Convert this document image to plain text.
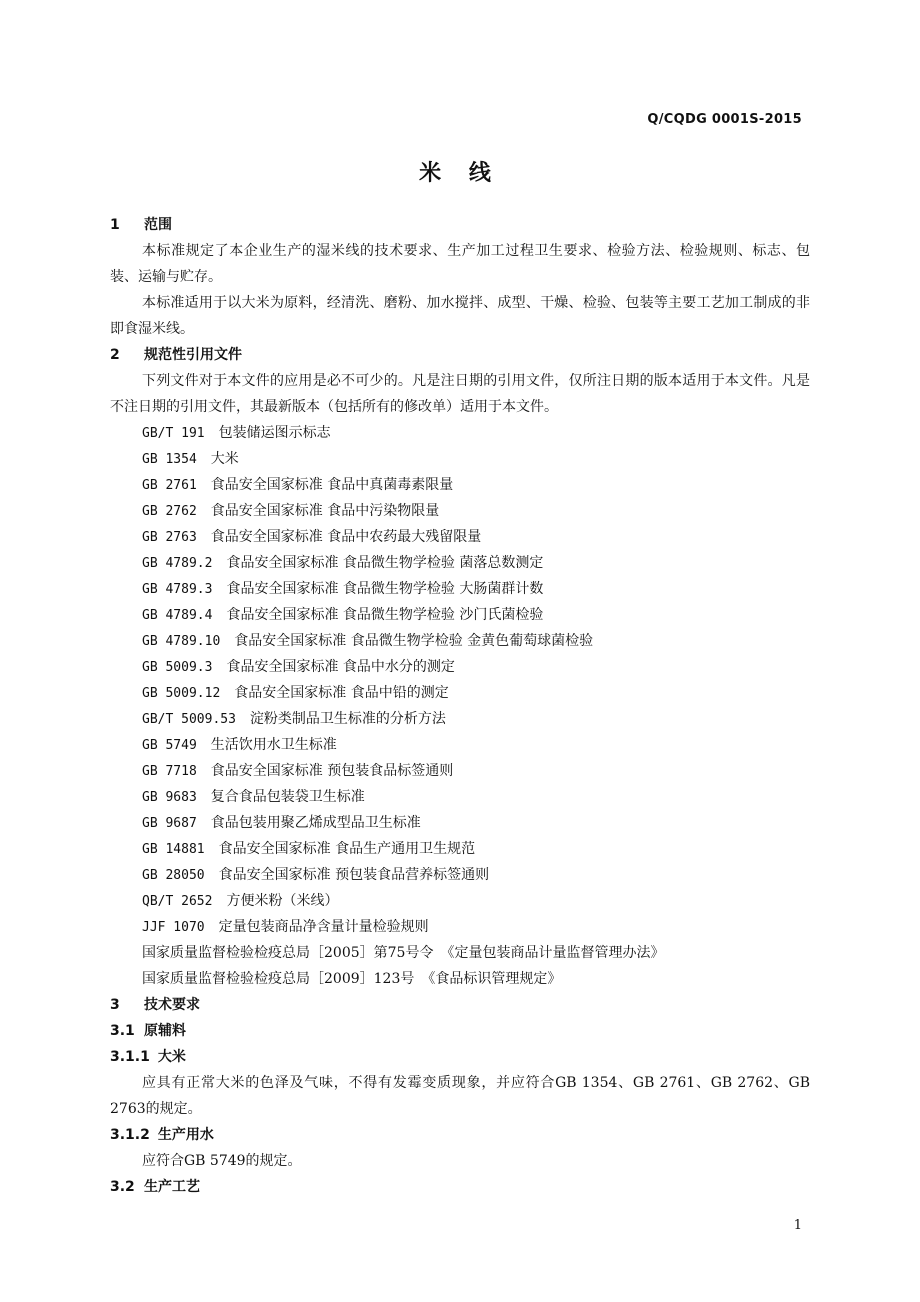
Q/CQDG 0001S-2015
米 线
1 范围
本标准规定了本企业生产的湿米线的技术要求、生产加工过程卫生要求、检验方法、检验规则、标志、包装、运输与贮存。
本标准适用于以大米为原料，经清洗、磨粉、加水搅拌、成型、干燥、检验、包装等主要工艺加工制成的非即食湿米线。
2 规范性引用文件
下列文件对于本文件的应用是必不可少的。凡是注日期的引用文件，仅所注日期的版本适用于本文件。凡是不注日期的引用文件，其最新版本（包括所有的修改单）适用于本文件。
GB/T 191 包装储运图示标志
GB 1354 大米
GB 2761 食品安全国家标准 食品中真菌毒素限量
GB 2762 食品安全国家标准 食品中污染物限量
GB 2763 食品安全国家标准 食品中农药最大残留限量
GB 4789.2 食品安全国家标准 食品微生物学检验 菌落总数测定
GB 4789.3 食品安全国家标准 食品微生物学检验 大肠菌群计数
GB 4789.4 食品安全国家标准 食品微生物学检验 沙门氏菌检验
GB 4789.10 食品安全国家标准 食品微生物学检验 金黄色葡萄球菌检验
GB 5009.3 食品安全国家标准 食品中水分的测定
GB 5009.12 食品安全国家标准 食品中铅的测定
GB/T 5009.53 淀粉类制品卫生标准的分析方法
GB 5749 生活饮用水卫生标准
GB 7718 食品安全国家标准 预包装食品标签通则
GB 9683 复合食品包装袋卫生标准
GB 9687 食品包装用聚乙烯成型品卫生标准
GB 14881 食品安全国家标准 食品生产通用卫生规范
GB 28050 食品安全国家标准 预包装食品营养标签通则
QB/T 2652 方便米粉（米线）
JJF 1070 定量包装商品净含量计量检验规则
国家质量监督检验检疫总局［2005］第75号令　《定量包装商品计量监督管理办法》
国家质量监督检验检疫总局［2009］123号　《食品标识管理规定》
3 技术要求
3.1 原辅料
3.1.1 大米
应具有正常大米的色泽及气味，不得有发霉变质现象，并应符合GB 1354、GB 2761、GB 2762、GB 2763的规定。
3.1.2 生产用水
应符合GB 5749的规定。
3.2 生产工艺
1
